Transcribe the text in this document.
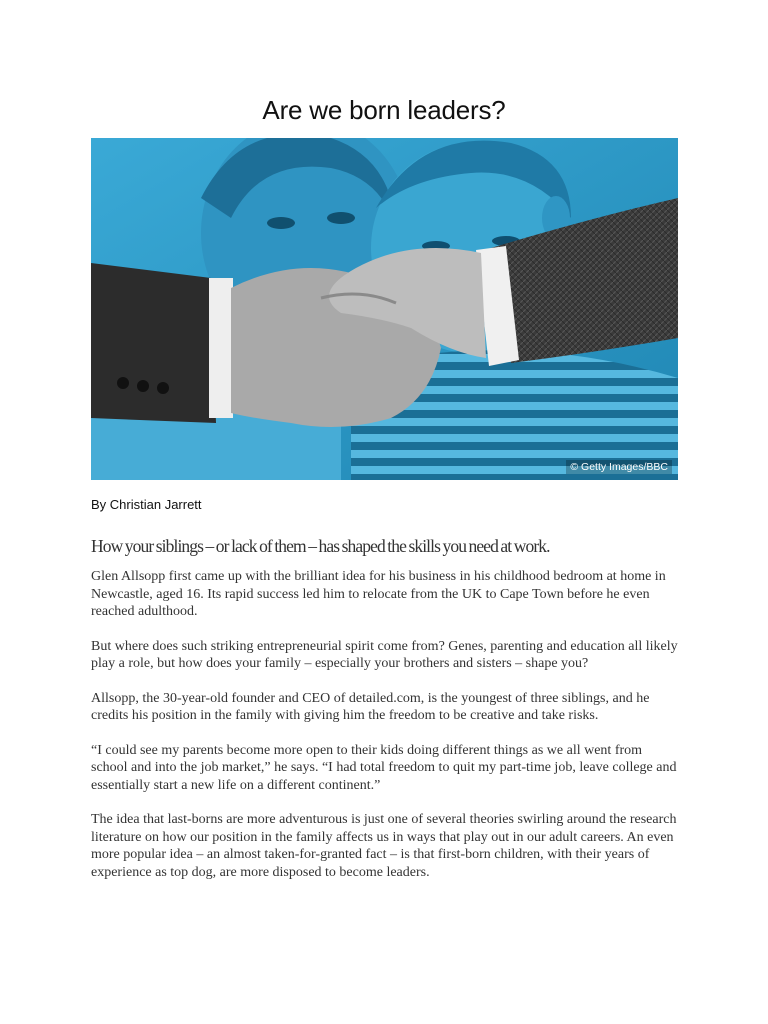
Are we born leaders?
© Getty Images/BBC
By Christian Jarrett
How your siblings – or lack of them – has shaped the skills you need at work.

Glen Allsopp first came up with the brilliant idea for his business in his childhood bedroom at home in Newcastle, aged 16. Its rapid success led him to relocate from the UK to Cape Town before he even reached adulthood.

But where does such striking entrepreneurial spirit come from? Genes, parenting and education all likely play a role, but how does your family – especially your brothers and sisters – shape you?

Allsopp, the 30-year-old founder and CEO of detailed.com, is the youngest of three siblings, and he credits his position in the family with giving him the freedom to be creative and take risks.

“I could see my parents become more open to their kids doing different things as we all went from school and into the job market,” he says. “I had total freedom to quit my part-time job, leave college and essentially start a new life on a different continent.”

The idea that last-borns are more adventurous is just one of several theories swirling around the research literature on how our position in the family affects us in ways that play out in our adult careers. An even more popular idea – an almost taken-for-granted fact – is that first-born children, with their years of experience as top dog, are more disposed to become leaders.
